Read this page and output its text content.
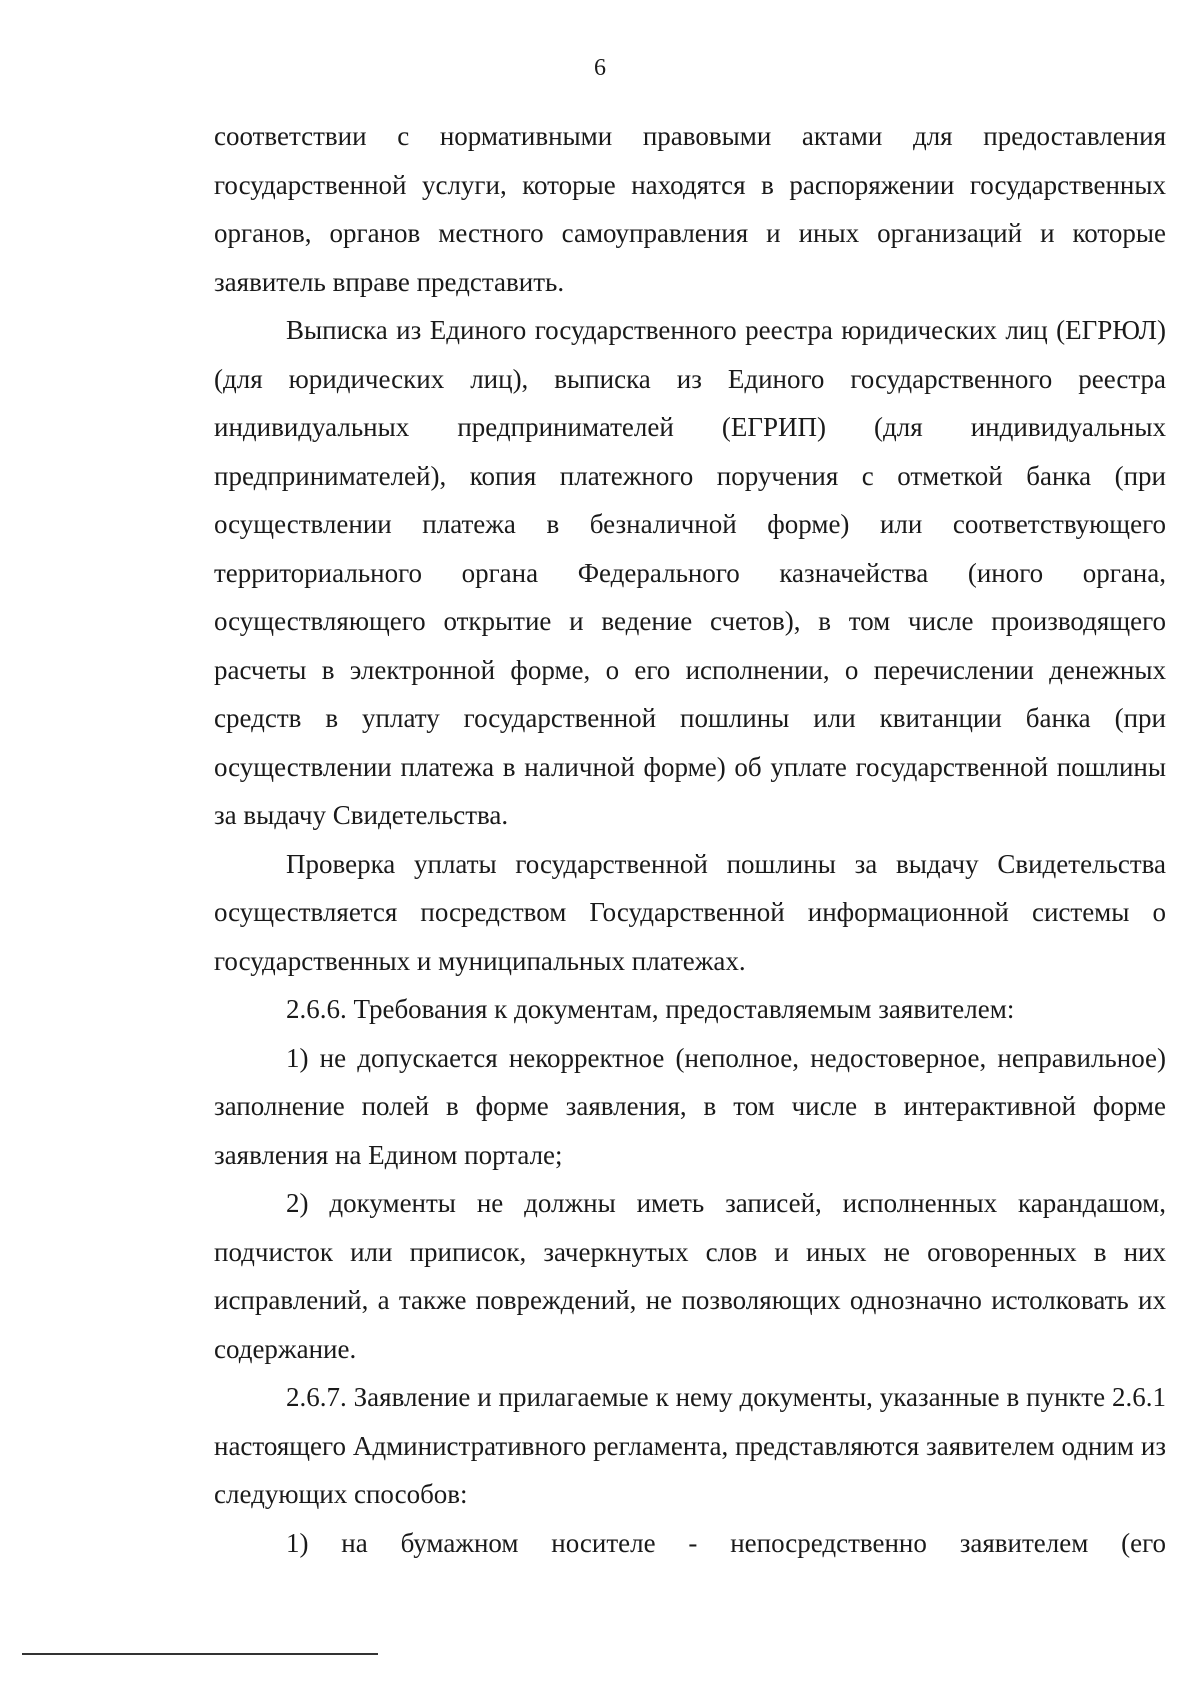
6

соответствии с нормативными правовыми актами для предоставления государственной услуги, которые находятся в распоряжении государственных органов, органов местного самоуправления и иных организаций и которые заявитель вправе представить.

Выписка из Единого государственного реестра юридических лиц (ЕГРЮЛ) (для юридических лиц), выписка из Единого государственного реестра индивидуальных предпринимателей (ЕГРИП) (для индивидуальных предпринимателей), копия платежного поручения с отметкой банка (при осуществлении платежа в безналичной форме) или соответствующего территориального органа Федерального казначейства (иного органа, осуществляющего открытие и ведение счетов), в том числе производящего расчеты в электронной форме, о его исполнении, о перечислении денежных средств в уплату государственной пошлины или квитанции банка (при осуществлении платежа в наличной форме) об уплате государственной пошлины за выдачу Свидетельства.

Проверка уплаты государственной пошлины за выдачу Свидетельства осуществляется посредством Государственной информационной системы о государственных и муниципальных платежах.

2.6.6. Требования к документам, предоставляемым заявителем:

1) не допускается некорректное (неполное, недостоверное, неправильное) заполнение полей в форме заявления, в том числе в интерактивной форме заявления на Едином портале;

2) документы не должны иметь записей, исполненных карандашом, подчисток или приписок, зачеркнутых слов и иных не оговоренных в них исправлений, а также повреждений, не позволяющих однозначно истолковать их содержание.

2.6.7. Заявление и прилагаемые к нему документы, указанные в пункте 2.6.1 настоящего Административного регламента, представляются заявителем одним из следующих способов:

1) на бумажном носителе - непосредственно заявителем (его
